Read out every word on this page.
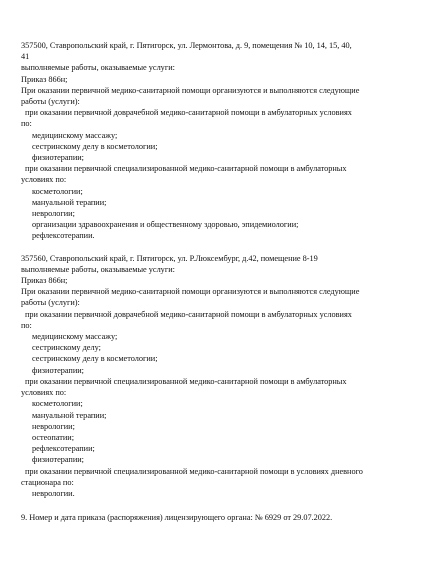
357500, Ставропольский край, г. Пятигорск, ул. Лермонтова, д. 9, помещения № 10, 14, 15, 40,
41
выполняемые работы, оказываемые услуги:
Приказ 866н;
При оказании первичной медико-санитарной помощи организуются и выполняются следующие
работы (услуги):
при оказании первичной доврачебной медико-санитарной помощи в амбулаторных условиях
по:
медицинскому массажу;
сестринскому делу в косметологии;
физиотерапии;
при оказании первичной специализированной медико-санитарной помощи в амбулаторных
условиях по:
косметологии;
мануальной терапии;
неврологии;
организации здравоохранения и общественному здоровью, эпидемиологии;
рефлексотерапии.
357560, Ставропольский край, г. Пятигорск, ул. Р.Люксембург, д.42, помещение 8-19
выполняемые работы, оказываемые услуги:
Приказ 866н;
При оказании первичной медико-санитарной помощи организуются и выполняются следующие
работы (услуги):
при оказании первичной доврачебной медико-санитарной помощи в амбулаторных условиях
по:
медицинскому массажу;
сестринскому делу;
сестринскому делу в косметологии;
физиотерапии;
при оказании первичной специализированной медико-санитарной помощи в амбулаторных
условиях по:
косметологии;
мануальной терапии;
неврологии;
остеопатии;
рефлексотерапии;
физиотерапии;
при оказании первичной специализированной медико-санитарной помощи в условиях дневного
стационара по:
неврологии.
9. Номер и дата приказа (распоряжения) лицензирующего органа: № 6929 от 29.07.2022.
